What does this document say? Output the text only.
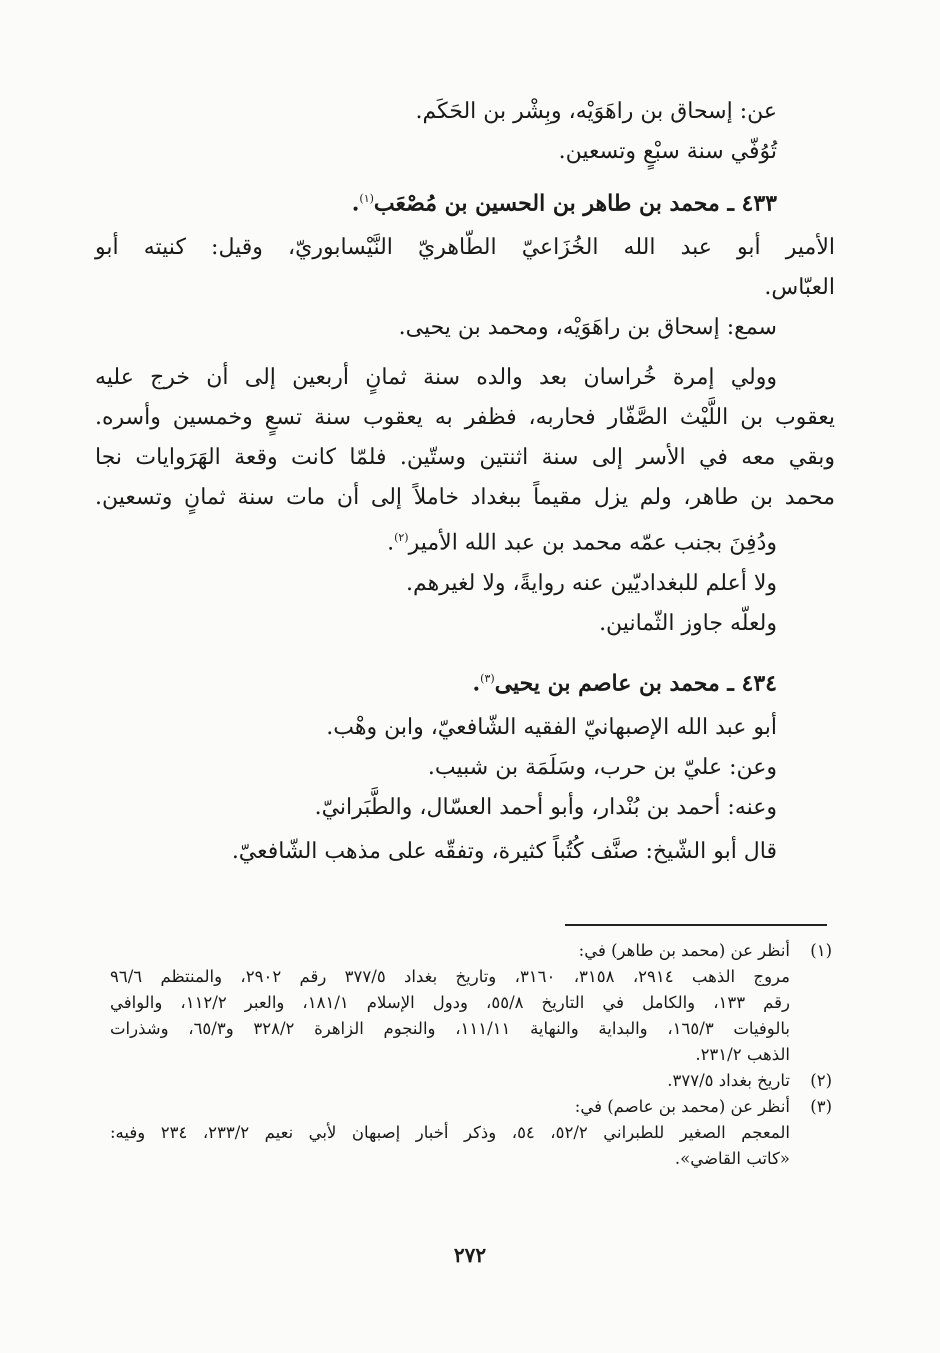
عن: إسحاق بن راهَوَيْه، وبِشْر بن الحَكَم.
تُوُفّي سنة سبْعٍ وتسعين.
٤٣٣ ـ محمد بن طاهر بن الحسين بن مُصْعَب$^{(١)}$.
الأمير أبو عبد الله الخُزَاعيّ الطّاهريّ النَّيْسابوريّ، وقيل: كنيته أبو
العبّاس.
سمع: إسحاق بن راهَوَيْه، ومحمد بن يحيى.
وولي إمرة خُراسان بعد والده سنة ثمانٍ أربعين إلى أن خرج عليه
يعقوب بن اللَّيْث الصَّفّار فحاربه، فظفر به يعقوب سنة تسعٍ وخمسين وأسره.
وبقي معه في الأسر إلى سنة اثنتين وستّين. فلمّا كانت وقعة الهَرَوايات نجا
محمد بن طاهر، ولم يزل مقيماً ببغداد خاملاً إلى أن مات سنة ثمانٍ وتسعين.
ودُفِنَ بجنب عمّه محمد بن عبد الله الأمير$^{(٢)}$.
ولا أعلم للبغداديّين عنه روايةً، ولا لغيرهم.
ولعلّه جاوز الثّمانين.
٤٣٤ ـ محمد بن عاصم بن يحيى$^{(٣)}$.
أبو عبد الله الإصبهانيّ الفقيه الشّافعيّ، وابن وهْب.
وعن: عليّ بن حرب، وسَلَمَة بن شبيب.
وعنه: أحمد بن بُنْدار، وأبو أحمد العسّال، والطَّبَرانيّ.
قال أبو الشّيخ: صنَّف كُتُباً كثيرة، وتفقّه على مذهب الشّافعيّ.
(١)
أنظر عن (محمد بن طاهر) في:
مروج الذهب ٢٩١٤، ٣١٥٨، ٣١٦٠، وتاريخ بغداد ٣٧٧/٥ رقم ٢٩٠٢، والمنتظم ٩٦/٦
رقم ١٣٣، والكامل في التاريخ ٥٥/٨، ودول الإسلام ١٨١/١، والعبر ١١٢/٢، والوافي
بالوفيات ١٦٥/٣، والبداية والنهاية ١١١/١١، والنجوم الزاهرة ٣٢٨/٢ و٦٥/٣، وشذرات
الذهب ٢٣١/٢.
(٢)
تاريخ بغداد ٣٧٧/٥.
(٣)
أنظر عن (محمد بن عاصم) في:
المعجم الصغير للطبراني ٥٢/٢، ٥٤، وذكر أخبار إصبهان لأبي نعيم ٢٣٣/٢، ٢٣٤ وفيه:
«كاتب القاضي».
٢٧٢
